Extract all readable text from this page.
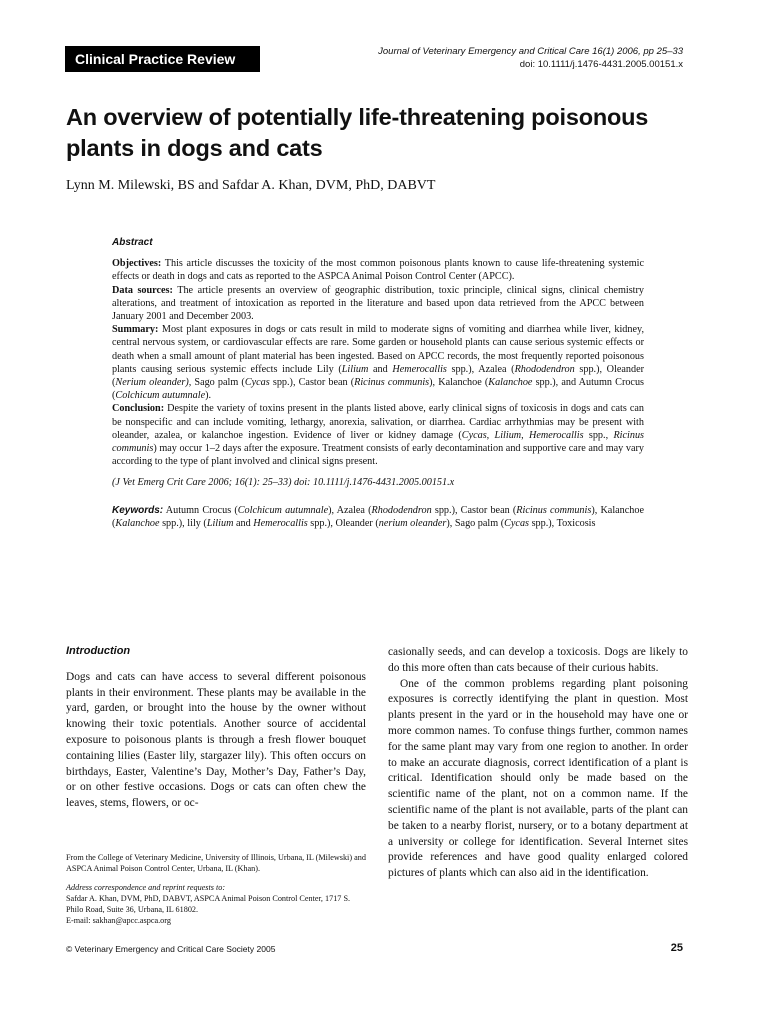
Clinical Practice Review	Journal of Veterinary Emergency and Critical Care 16(1) 2006, pp 25–33
doi: 10.1111/j.1476-4431.2005.00151.x
An overview of potentially life-threatening poisonous plants in dogs and cats
Lynn M. Milewski, BS and Safdar A. Khan, DVM, PhD, DABVT

Abstract

Objectives: This article discusses the toxicity of the most common poisonous plants known to cause life-threatening systemic effects or death in dogs and cats as reported to the ASPCA Animal Poison Control Center (APCC).

Data sources: The article presents an overview of geographic distribution, toxic principle, clinical signs, clinical chemistry alterations, and treatment of intoxication as reported in the literature and based upon data retrieved from the APCC between January 2001 and December 2003.

Summary: Most plant exposures in dogs or cats result in mild to moderate signs of vomiting and diarrhea while liver, kidney, central nervous system, or cardiovascular effects are rare. Some garden or household plants can cause serious systemic effects or death when a small amount of plant material has been ingested. Based on APCC records, the most frequently reported poisonous plants causing serious systemic effects include Lily (Lilium and Hemerocallis spp.), Azalea (Rhododendron spp.), Oleander (Nerium oleander), Sago palm (Cycas spp.), Castor bean (Ricinus communis), Kalanchoe (Kalanchoe spp.), and Autumn Crocus (Colchicum autumnale).

Conclusion: Despite the variety of toxins present in the plants listed above, early clinical signs of toxicosis in dogs and cats can be nonspecific and can include vomiting, lethargy, anorexia, salivation, or diarrhea. Cardiac arrhythmias may be present with oleander, azalea, or kalanchoe ingestion. Evidence of liver or kidney damage (Cycas, Lilium, Hemerocallis spp., Ricinus communis) may occur 1–2 days after the exposure. Treatment consists of early decontamination and supportive care and may vary according to the type of plant involved and clinical signs present.

(J Vet Emerg Crit Care 2006; 16(1): 25–33) doi: 10.1111/j.1476-4431.2005.00151.x

Keywords: Autumn Crocus (Colchicum autumnale), Azalea (Rhododendron spp.), Castor bean (Ricinus communis), Kalanchoe (Kalanchoe spp.), lily (Lilium and Hemerocallis spp.), Oleander (nerium oleander), Sago palm (Cycas spp.), Toxicosis

Introduction

Dogs and cats can have access to several different poisonous plants in their environment. These plants may be available in the yard, garden, or brought into the house by the owner without knowing their toxic potentials. Another source of accidental exposure to poisonous plants is through a fresh flower bouquet containing lilies (Easter lily, stargazer lily). This often occurs on birthdays, Easter, Valentine’s Day, Mother’s Day, Father’s Day, or on other festive occasions. Dogs or cats can often chew the leaves, stems, flowers, or oc-

casionally seeds, and can develop a toxicosis. Dogs are likely to do this more often than cats because of their curious habits.

One of the common problems regarding plant poisoning exposures is correctly identifying the plant in question. Most plants present in the yard or in the household may have one or more common names. To confuse things further, common names for the same plant may vary from one region to another. In order to make an accurate diagnosis, correct identification of a plant is critical. Identification should only be made based on the scientific name of the plant, not on a common name. If the scientific name of the plant is not available, parts of the plant can be taken to a nearby florist, nursery, or to a botany department at a university or college for identification. Several Internet sites provide references and have good quality enlarged colored pictures of plants which can also aid in the identification.

From the College of Veterinary Medicine, University of Illinois, Urbana, IL (Milewski) and ASPCA Animal Poison Control Center, Urbana, IL (Khan).

Address correspondence and reprint requests to:

Safdar A. Khan, DVM, PhD, DABVT, ASPCA Animal Poison Control Center, 1717 S. Philo Road, Suite 36, Urbana, IL 61802.

E-mail: sakhan@apcc.aspca.org

© Veterinary Emergency and Critical Care Society 2005	25
